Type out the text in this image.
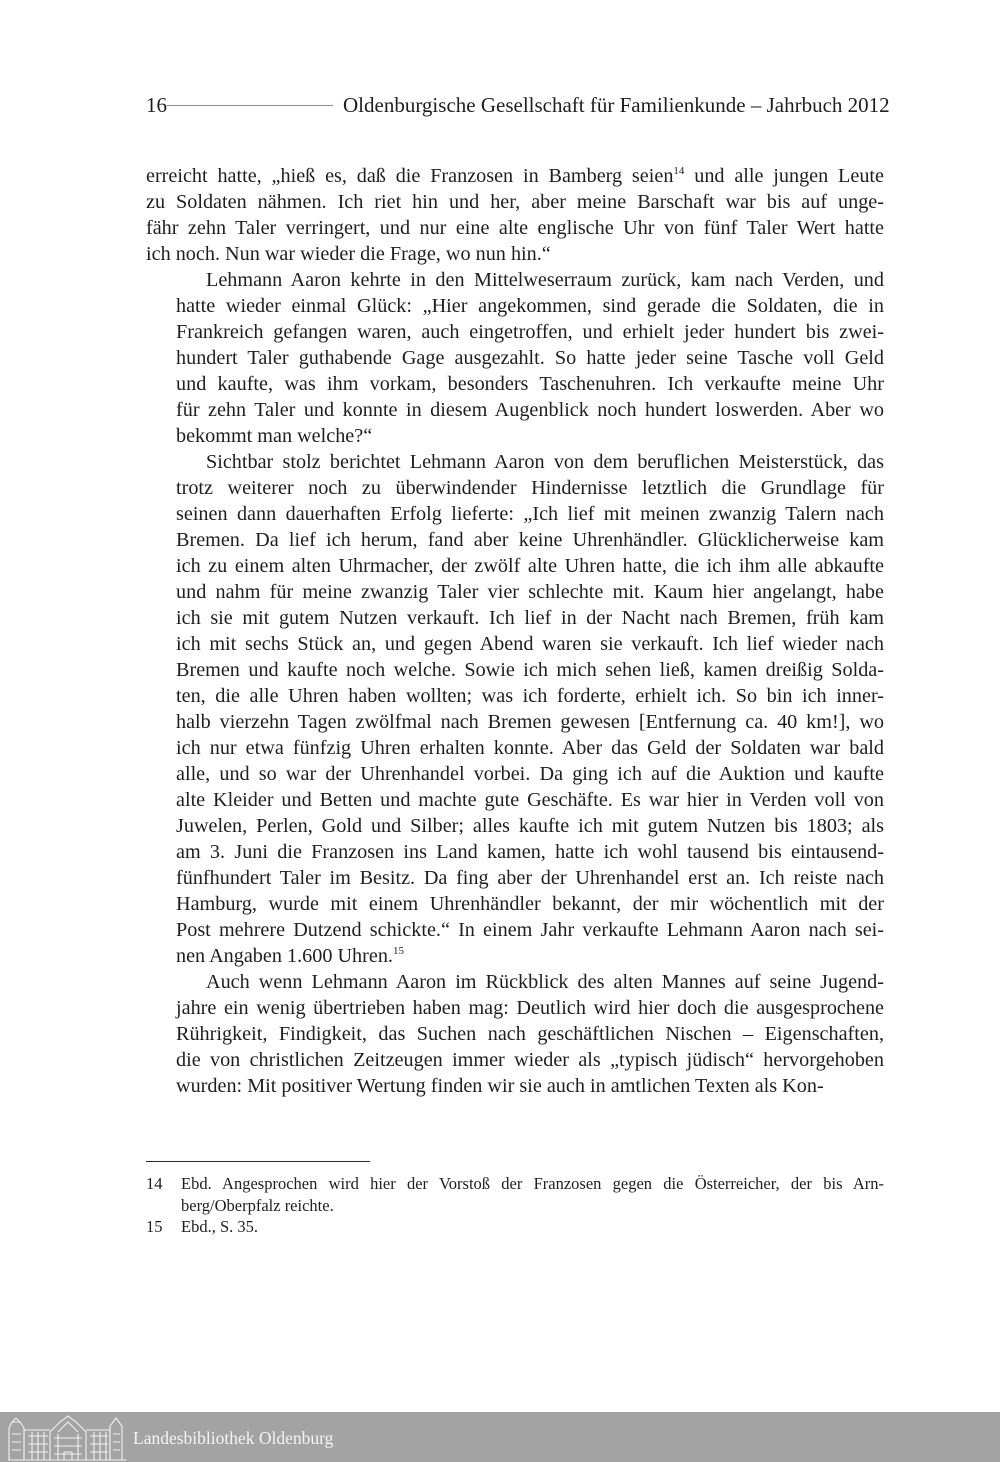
16	Oldenburgische Gesellschaft für Familienkunde – Jahrbuch 2012
erreicht hatte, „hieß es, daß die Franzosen in Bamberg seien$^{14}$ und alle jungen Leute
zu Soldaten nähmen. Ich riet hin und her, aber meine Barschaft war bis auf unge-
fähr zehn Taler verringert, und nur eine alte englische Uhr von fünf Taler Wert hatte
ich noch. Nun war wieder die Frage, wo nun hin.“
Lehmann Aaron kehrte in den Mittelweserraum zurück, kam nach Verden, und
hatte wieder einmal Glück: „Hier angekommen, sind gerade die Soldaten, die in
Frankreich gefangen waren, auch eingetroffen, und erhielt jeder hundert bis zwei-
hundert Taler guthabende Gage ausgezahlt. So hatte jeder seine Tasche voll Geld
und kaufte, was ihm vorkam, besonders Taschenuhren. Ich verkaufte meine Uhr
für zehn Taler und konnte in diesem Augenblick noch hundert loswerden. Aber wo
bekommt man welche?“
Sichtbar stolz berichtet Lehmann Aaron von dem beruflichen Meisterstück, das
trotz weiterer noch zu überwindender Hindernisse letztlich die Grundlage für
seinen dann dauerhaften Erfolg lieferte: „Ich lief mit meinen zwanzig Talern nach
Bremen. Da lief ich herum, fand aber keine Uhrenhändler. Glücklicherweise kam
ich zu einem alten Uhrmacher, der zwölf alte Uhren hatte, die ich ihm alle abkaufte
und nahm für meine zwanzig Taler vier schlechte mit. Kaum hier angelangt, habe
ich sie mit gutem Nutzen verkauft. Ich lief in der Nacht nach Bremen, früh kam
ich mit sechs Stück an, und gegen Abend waren sie verkauft. Ich lief wieder nach
Bremen und kaufte noch welche. Sowie ich mich sehen ließ, kamen dreißig Solda-
ten, die alle Uhren haben wollten; was ich forderte, erhielt ich. So bin ich inner-
halb vierzehn Tagen zwölfmal nach Bremen gewesen [Entfernung ca. 40 km!], wo
ich nur etwa fünfzig Uhren erhalten konnte. Aber das Geld der Soldaten war bald
alle, und so war der Uhrenhandel vorbei. Da ging ich auf die Auktion und kaufte
alte Kleider und Betten und machte gute Geschäfte. Es war hier in Verden voll von
Juwelen, Perlen, Gold und Silber; alles kaufte ich mit gutem Nutzen bis 1803; als
am 3. Juni die Franzosen ins Land kamen, hatte ich wohl tausend bis eintausend-
fünfhundert Taler im Besitz. Da fing aber der Uhrenhandel erst an. Ich reiste nach
Hamburg, wurde mit einem Uhrenhändler bekannt, der mir wöchentlich mit der
Post mehrere Dutzend schickte.“ In einem Jahr verkaufte Lehmann Aaron nach sei-
nen Angaben 1.600 Uhren.$^{15}$
Auch wenn Lehmann Aaron im Rückblick des alten Mannes auf seine Jugend-
jahre ein wenig übertrieben haben mag: Deutlich wird hier doch die ausgesprochene
Rührigkeit, Findigkeit, das Suchen nach geschäftlichen Nischen – Eigenschaften,
die von christlichen Zeitzeugen immer wieder als „typisch jüdisch“ hervorgehoben
wurden: Mit positiver Wertung finden wir sie auch in amtlichen Texten als Kon-
14	Ebd. Angesprochen wird hier der Vorstoß der Franzosen gegen die Österreicher, der bis Arn-
berg/Oberpfalz reichte.
15	Ebd., S. 35.
Landesbibliothek Oldenburg
